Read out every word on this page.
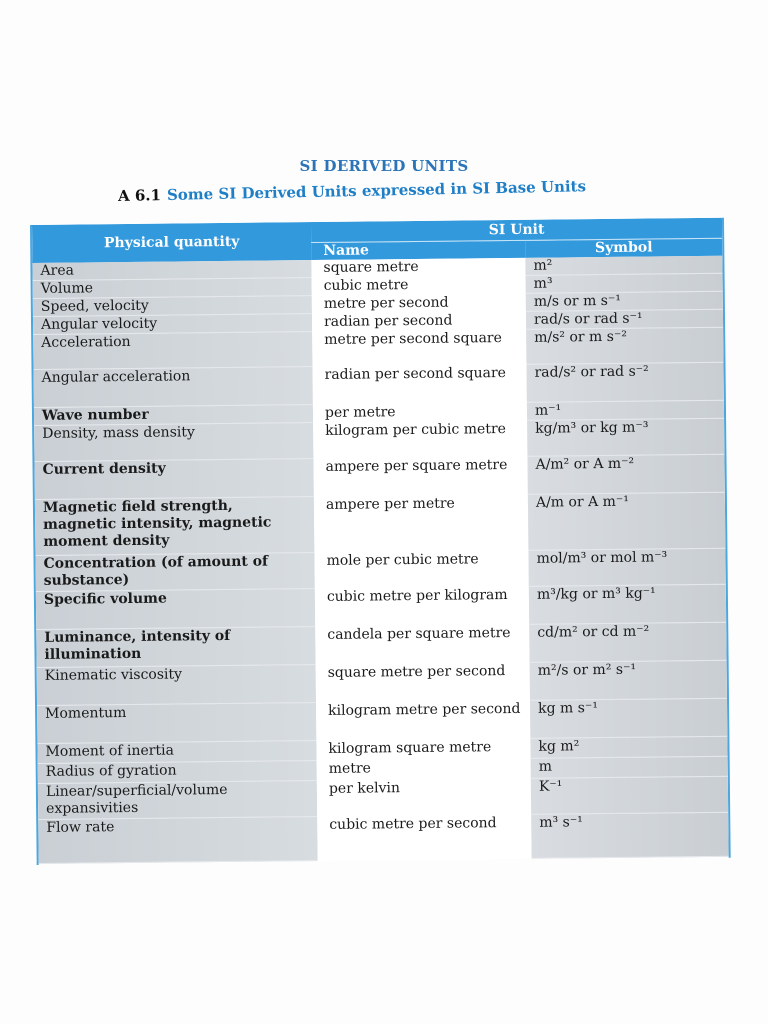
SI DERIVED UNITS
A 6.1 Some SI Derived Units expressed in SI Base Units
Physical quantity	SI Unit	
	Name	Symbol
Area	square metre	m²
Volume	cubic metre	m³
Speed, velocity	metre per second	m/s or m s⁻¹
Angular velocity	radian per second	rad/s or rad s⁻¹
Acceleration	metre per second square	m/s² or m s⁻²
Angular acceleration	radian per second square	rad/s² or rad s⁻²
Wave number	per metre	m⁻¹
Density, mass density	kilogram per cubic metre	kg/m³ or kg m⁻³
Current density	ampere per square metre	A/m² or A m⁻²
Magnetic field strength, magnetic intensity, magnetic moment density	ampere per metre	A/m or A m⁻¹
Concentration (of amount of substance)	mole per cubic metre	mol/m³ or mol m⁻³
Specific volume	cubic metre per kilogram	m³/kg or m³ kg⁻¹
Luminance, intensity of illumination	candela per square metre	cd/m² or cd m⁻²
Kinematic viscosity	square metre per second	m²/s or m² s⁻¹
Momentum	kilogram metre per second	kg m s⁻¹
Moment of inertia	kilogram square metre	kg m²
Radius of gyration	metre	m
Linear/superficial/volume expansivities	per kelvin	K⁻¹
Flow rate	cubic metre per second	m³ s⁻¹
